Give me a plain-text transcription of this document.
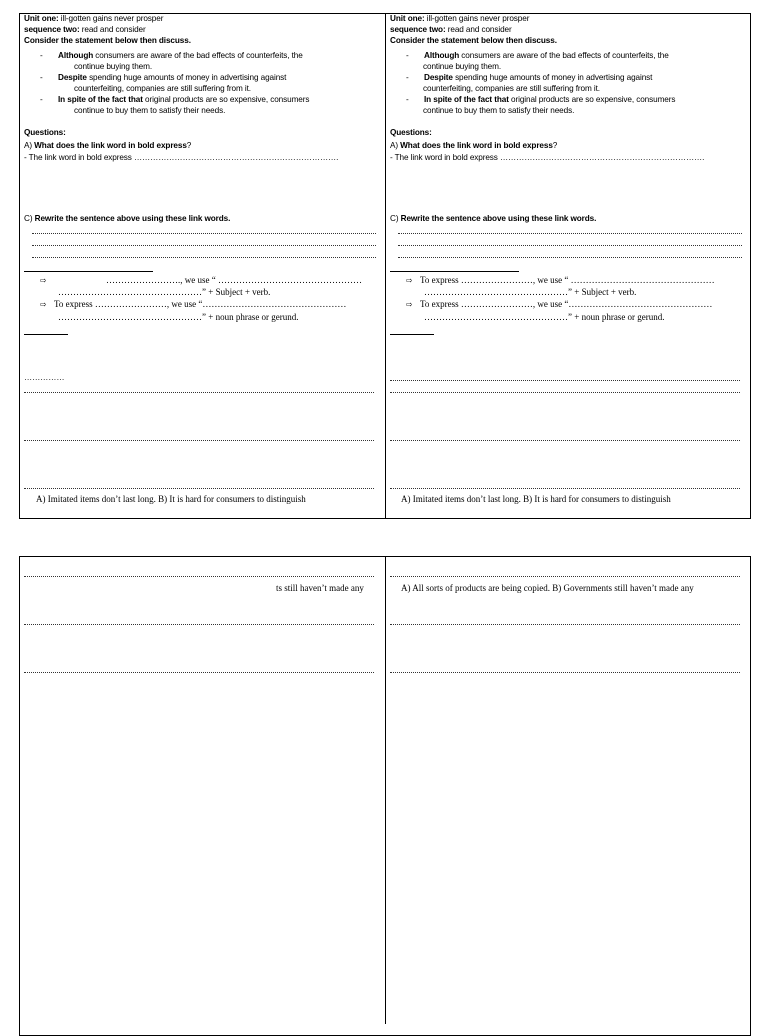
Unit one: ill-gotten gains never prosper
sequence two: read and consider
Consider the statement below then discuss.
- Although consumers are aware of the bad effects of counterfeits, the
continue buying them.
- Despite spending huge amounts of money in advertising against
counterfeiting, companies are still suffering from it.
- In spite of the fact that original products are so expensive, consumers
continue to buy them to satisfy their needs.
Questions:
A) What does the link word in bold express?
- The link word in bold express ………………………………………………………………….
C) Rewrite the sentence above using these link words.
……………………., we use “ …………………………………………
⇨
…………………………………………” + Subject + verb.
⇨ To express ……………………, we use “…………………………………………
…………………………………………” + noun phrase or gerund.
……………
A) Imitated items don’t last long. B) It is hard for consumers to distinguish
Unit one: ill-gotten gains never prosper
sequence two: read and consider
Consider the statement below then discuss.
- Although consumers are aware of the bad effects of counterfeits, the
continue buying them.
- Despite spending huge amounts of money in advertising against
counterfeiting, companies are still suffering from it.
- In spite of the fact that original products are so expensive, consumers
continue to buy them to satisfy their needs.
Questions:
A) What does the link word in bold express?
- The link word in bold express ………………………………………………………………….
C) Rewrite the sentence above using these link words.
⇨ To express ……………………, we use “ …………………………………………
…………………………………………” + Subject + verb.
⇨ To express ……………………, we use “…………………………………………
…………………………………………” + noun phrase or gerund.
A) Imitated items don’t last long. B) It is hard for consumers to distinguish
ts still haven’t made any	A) All sorts of products are being copied. B) Governments still haven’t made any
